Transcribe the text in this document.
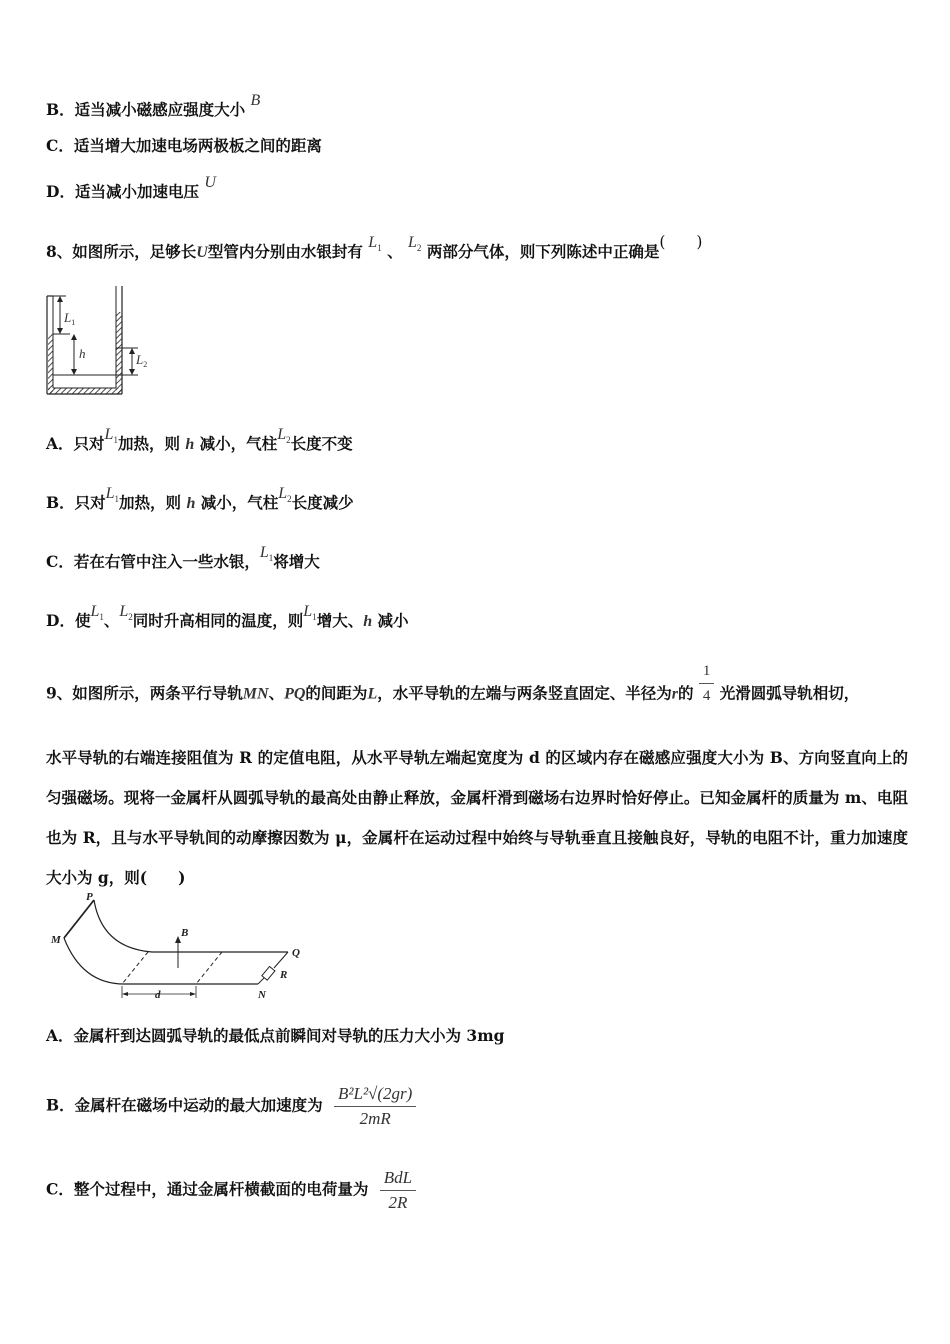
B．适当减小磁感应强度大小 B
C．适当增大加速电场两极板之间的距离
D．适当减小加速电压 U
8、如图所示，足够长U型管内分别由水银封有 $L_1$ 、 $L_2$ 两部分气体，则下列陈述中正确是(　　)
$L_1$
h	$L_2$
A．只对$L_1$加热，则 h 减小，气柱$L_2$长度不变
B．只对$L_1$加热，则 h 减小，气柱$L_2$长度减少
C．若在右管中注入一些水银，$L_1$将增大
D．使$L_1$、$L_2$同时升高相同的温度，则$L_1$增大、h 减小
9、如图所示，两条平行导轨MN、PQ的间距为L，水平导轨的左端与两条竖直固定、半径为r的 $\frac{1}{4}$ 光滑圆弧导轨相切，
水平导轨的右端连接阻值为 R 的定值电阻，从水平导轨左端起宽度为 d 的区域内存在磁感应强度大小为 B、方向竖直向上的匀强磁场。现将一金属杆从圆弧导轨的最高处由静止释放，金属杆滑到磁场右边界时恰好停止。已知金属杆的质量为 m、电阻也为 R，且与水平导轨间的动摩擦因数为 μ，金属杆在运动过程中始终与导轨垂直且接触良好，导轨的电阻不计，重力加速度大小为 g，则(　　)
B
d
P
M
Q
R
N
A．金属杆到达圆弧导轨的最低点前瞬间对导轨的压力大小为 3mg
B．金属杆在磁场中运动的最大加速度为 $\frac{\text{B²L²√(2gr)}}{2mR}$
C．整个过程中，通过金属杆横截面的电荷量为 $\frac{\text{BdL}}{2R}$
